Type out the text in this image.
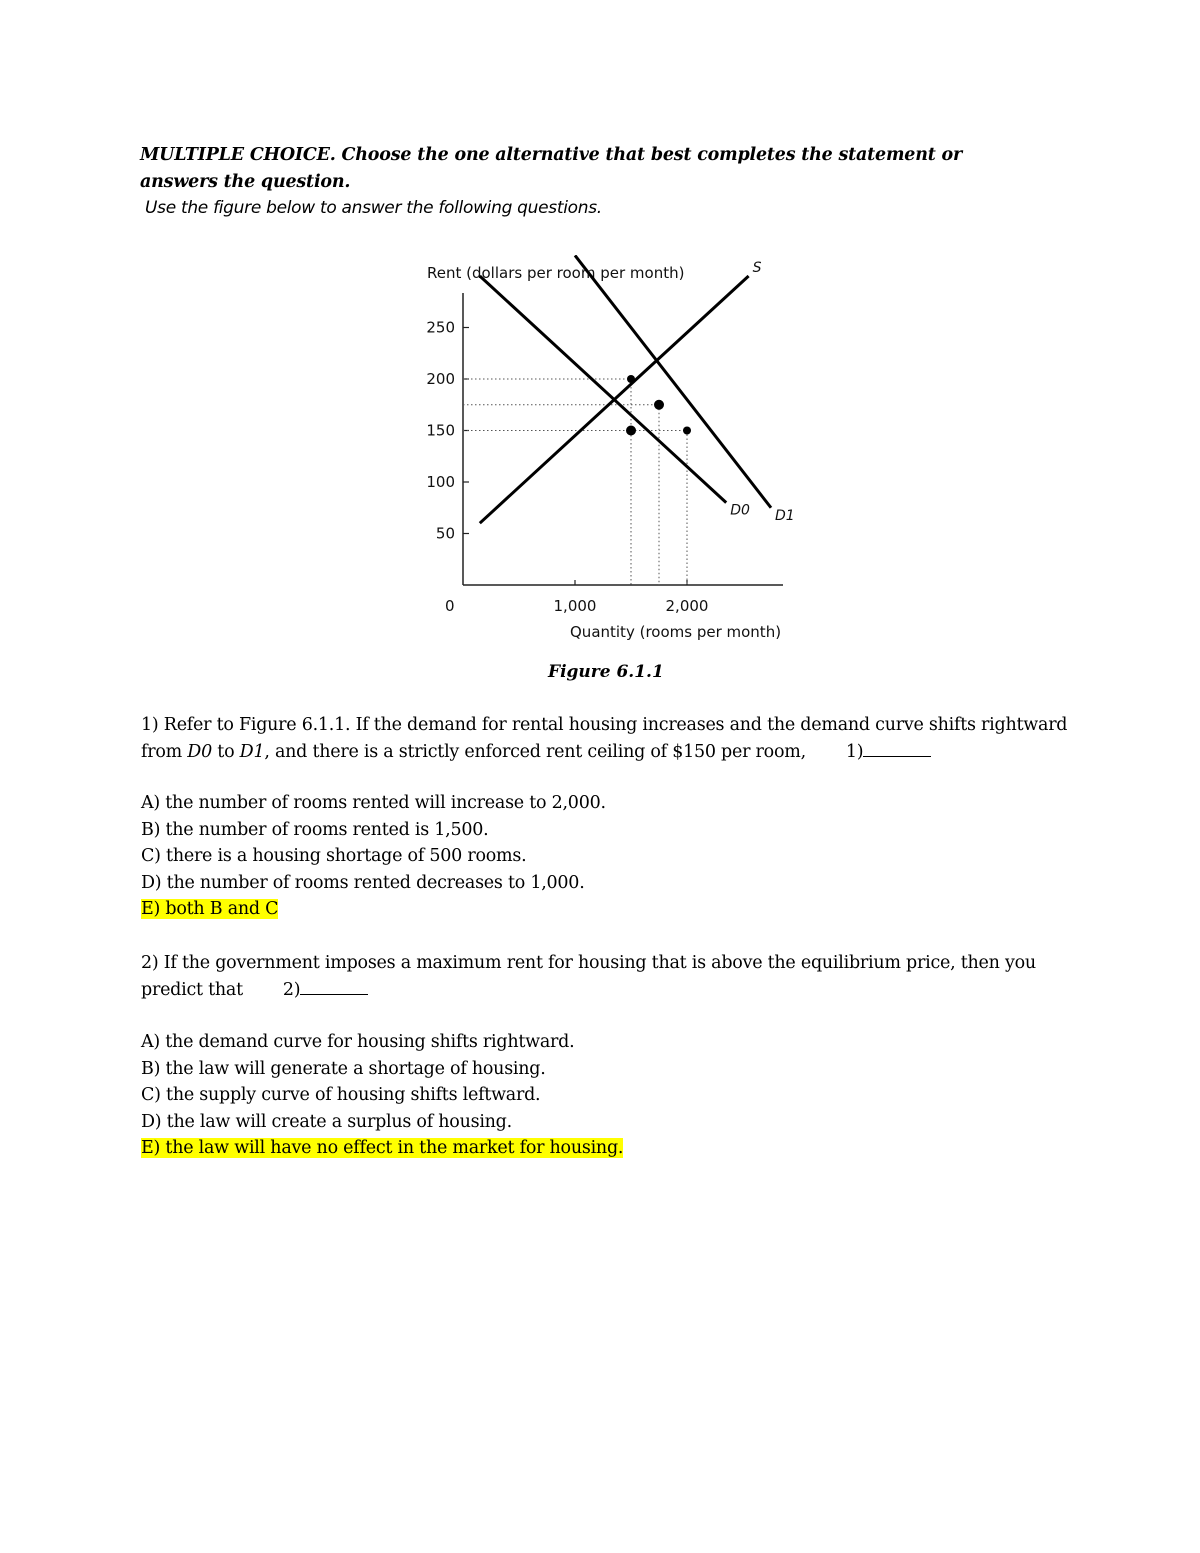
MULTIPLE CHOICE. Choose the one alternative that best completes the statement or answers the question.
Use the figure below to answer the following questions.
Rent (dollars per room per month)
Quantity (rooms per month)
0
50
100
150
200
250
1,000	2,000
S
D0 D1
Figure 6.1.1
1) Refer to Figure 6.1.1. If the demand for rental housing increases and the demand curve shifts rightward from D0 to D1, and there is a strictly enforced rent ceiling of $150 per room, 1)
A) the number of rooms rented will increase to 2,000.
B) the number of rooms rented is 1,500.
C) there is a housing shortage of 500 rooms.
D) the number of rooms rented decreases to 1,000.
E) both B and C
2) If the government imposes a maximum rent for housing that is above the equilibrium price, then you predict that 2)
A) the demand curve for housing shifts rightward.
B) the law will generate a shortage of housing.
C) the supply curve of housing shifts leftward.
D) the law will create a surplus of housing.
E) the law will have no effect in the market for housing.
